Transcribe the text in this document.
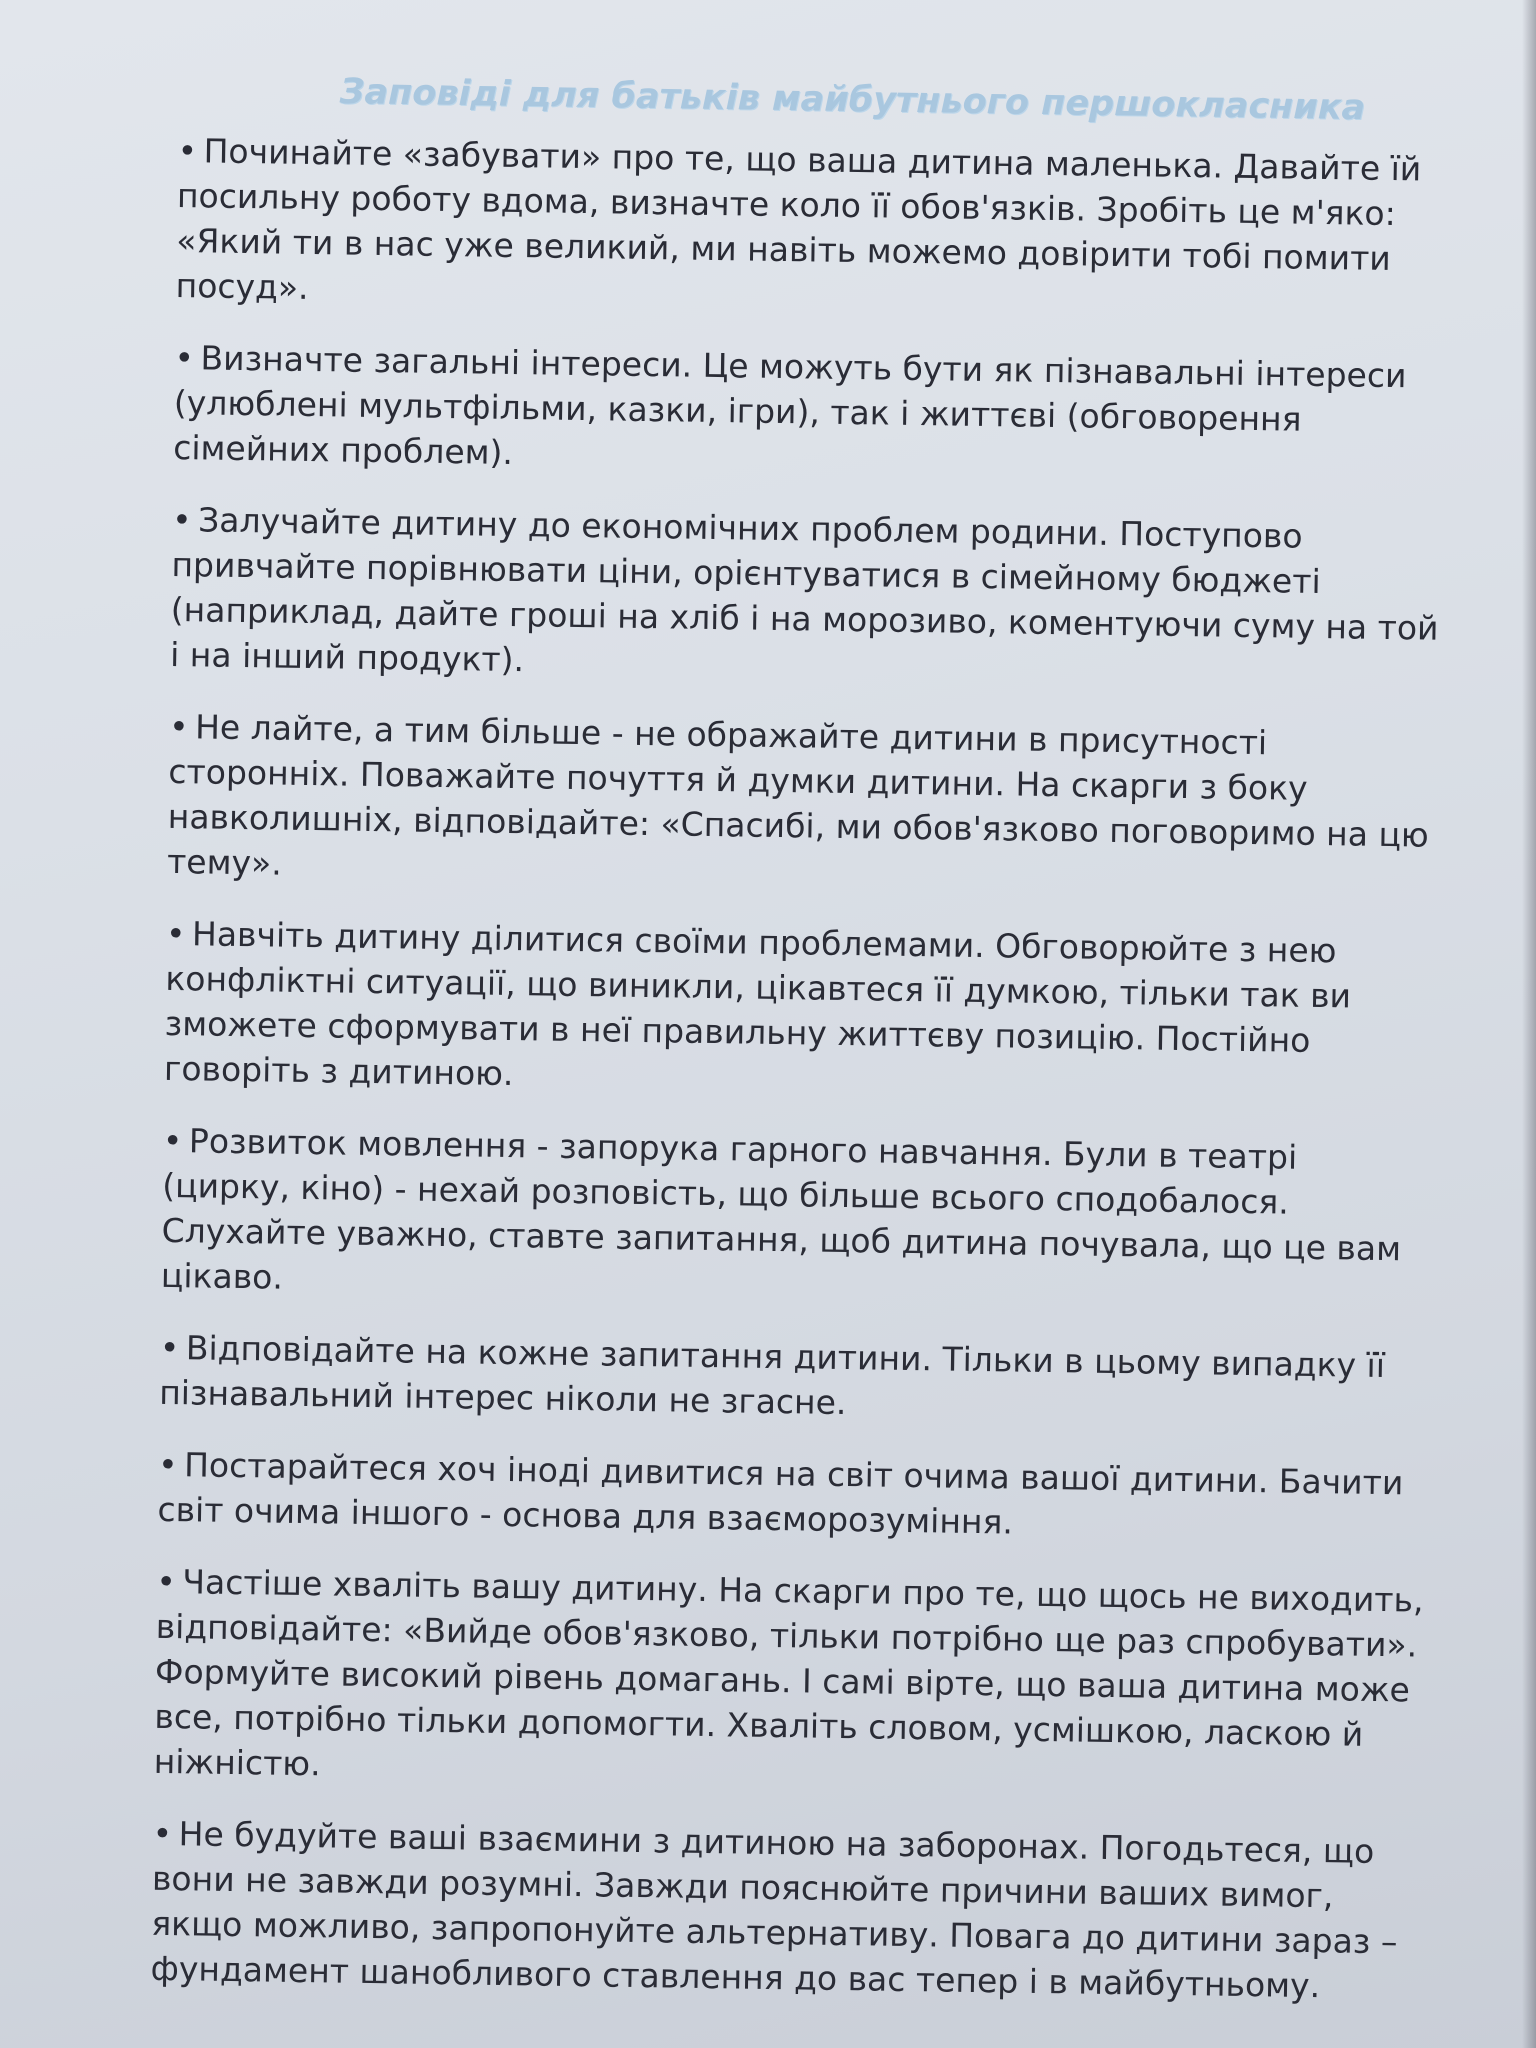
Заповіді для батьків майбутнього першокласника

• Починайте «забувати» про те, що ваша дитина маленька. Давайте їй посильну роботу вдома, визначте коло її обов'язків. Зробіть це м'яко: «Який ти в нас уже великий, ми навіть можемо довірити тобі помити посуд».

• Визначте загальні інтереси. Це можуть бути як пізнавальні інтереси (улюблені мультфільми, казки, ігри), так і життєві (обговорення сімейних проблем).

• Залучайте дитину до економічних проблем родини. Поступово привчайте порівнювати ціни, орієнтуватися в сімейному бюджеті (наприклад, дайте гроші на хліб і на морозиво, коментуючи суму на той і на інший продукт).

• Не лайте, а тим більше - не ображайте дитини в присутності сторонніх. Поважайте почуття й думки дитини. На скарги з боку навколишніх, відповідайте: «Спасибі, ми обов'язково поговоримо на цю тему».

• Навчіть дитину ділитися своїми проблемами. Обговорюйте з нею конфліктні ситуації, що виникли, цікавтеся її думкою, тільки так ви зможете сформувати в неї правильну життєву позицію. Постійно говоріть з дитиною.

• Розвиток мовлення - запорука гарного навчання. Були в театрі (цирку, кіно) - нехай розповість, що більше всього сподобалося. Слухайте уважно, ставте запитання, щоб дитина почувала, що це вам цікаво.

• Відповідайте на кожне запитання дитини. Тільки в цьому випадку її пізнавальний інтерес ніколи не згасне.

• Постарайтеся хоч іноді дивитися на світ очима вашої дитини. Бачити світ очима іншого - основа для взаєморозуміння.

• Частіше хваліть вашу дитину. На скарги про те, що щось не виходить, відповідайте: «Вийде обов'язково, тільки потрібно ще раз спробувати». Формуйте високий рівень домагань. І самі вірте, що ваша дитина може все, потрібно тільки допомогти. Хваліть словом, усмішкою, ласкою й ніжністю.

• Не будуйте ваші взаємини з дитиною на заборонах. Погодьтеся, що вони не завжди розумні. Завжди пояснюйте причини ваших вимог, якщо можливо, запропонуйте альтернативу. Повага до дитини зараз – фундамент шанобливого ставлення до вас тепер і в майбутньому.
